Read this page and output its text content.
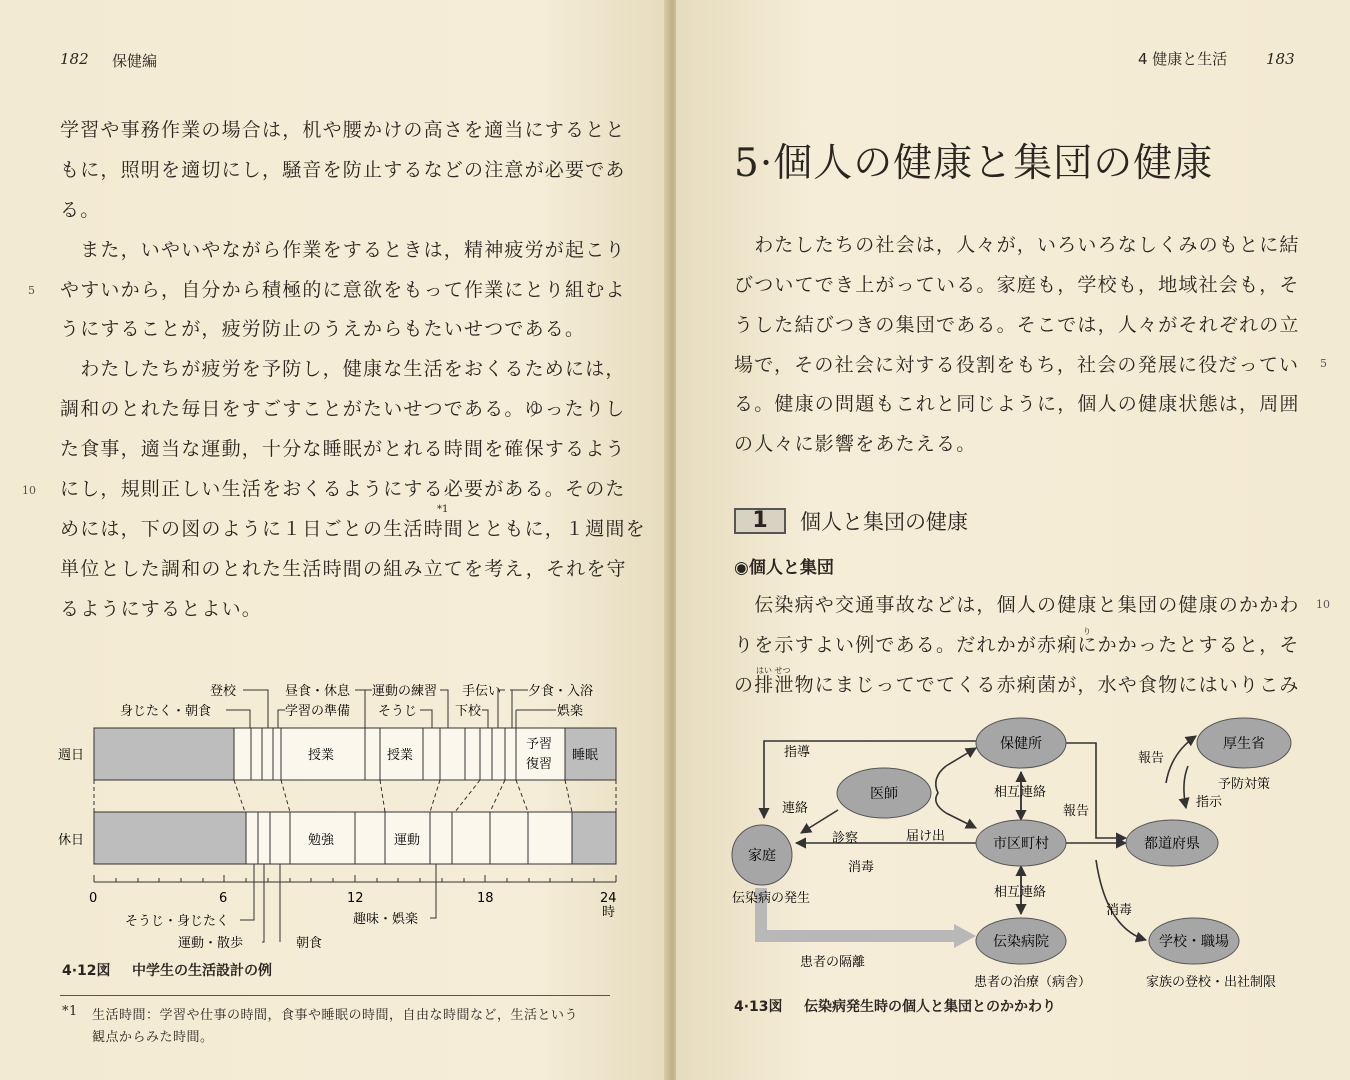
182 保健編
学習や事務作業の場合は，机や腰かけの高さを適当にするとと
もに，照明を適切にし，騒音を防止するなどの注意が必要であ
る。
　また，いやいやながら作業をするときは，精神疲労が起こり
やすいから，自分から積極的に意欲をもって作業にとり組むよ
うにすることが，疲労防止のうえからもたいせつである。
　わたしたちが疲労を予防し，健康な生活をおくるためには，
調和のとれた毎日をすごすことがたいせつである。ゆったりし
た食事，適当な運動，十分な睡眠がとれる時間を確保するよう
にし，規則正しい生活をおくるようにする必要がある。そのた
めには，下の図のように１日ごとの生活時間とともに，１週間を
単位とした調和のとれた生活時間の組み立てを考え，それを守
るようにするとよい。
*1
5
10
登校
身じたく・朝食
昼食・休息
学習の準備
運動の練習
そうじ
手伝い
下校
夕食・入浴
娯楽
週日	授業	授業
予習
復習
睡眠
休日	勉強	運動
0	6	12	18	24
時
そうじ・身じたく
運動・散歩	朝食
趣味・娯楽
4·12図 中学生の生活設計の例
*1 生活時間：学習や仕事の時間，食事や睡眠の時間，自由な時間など，生活という
観点からみた時間。
4 健康と生活	183
5·個人の健康と集団の健康
　わたしたちの社会は，人々が，いろいろなしくみのもとに結
びついてでき上がっている。家庭も，学校も，地域社会も，そ
うした結びつきの集団である。そこでは，人々がそれぞれの立
場で，その社会に対する役割をもち，社会の発展に役だってい
る。健康の問題もこれと同じように，個人の健康状態は，周囲
の人々に影響をあたえる。
5
1	個人と集団の健康
◉個人と集団
　伝染病や交通事故などは，個人の健康と集団の健康のかかわ
りを示すよい例である。だれかが赤痢にかかったとすると，そ
の排泄物にまじってでてくる赤痢菌が，水や食物にはいりこみ
り
はい せつ
10
保健所	厚生省
医師
家庭
市区町村	都道府県
伝染病院	学校・職場
指導
連絡
診察	届け出
消毒
相互連絡
報告
報告
予防対策
指示
相互連絡
消毒
伝染病の発生
患者の隔離
患者の治療（病舎）	家族の登校・出社制限
4·13図 伝染病発生時の個人と集団とのかかわり
